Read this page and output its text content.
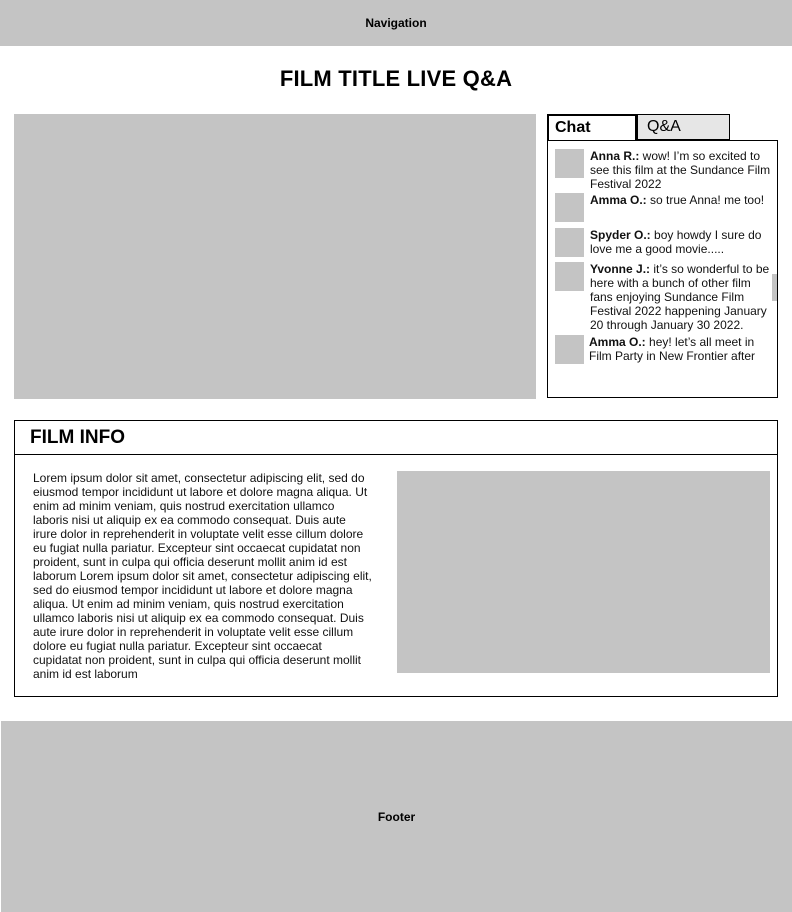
Navigation
FILM TITLE LIVE Q&A
Chat	Q&A
Anna R.: wow! I’m so excited to see this film at the Sundance Film Festival 2022
Amma O.: so true Anna! me too!
Spyder O.: boy howdy I sure do love me a good movie.....
Yvonne J.: it’s so wonderful to be here with a bunch of other film fans enjoying Sundance Film Festival 2022 happening January 20 through January 30 2022.
Amma O.: hey! let’s all meet in Film Party in New Frontier after
FILM INFO

Lorem ipsum dolor sit amet, consectetur adipiscing elit, sed do eiusmod tempor incididunt ut labore et dolore magna aliqua. Ut enim ad minim veniam, quis nostrud exercitation ullamco laboris nisi ut aliquip ex ea commodo consequat. Duis aute irure dolor in reprehenderit in voluptate velit esse cillum dolore eu fugiat nulla pariatur. Excepteur sint occaecat cupidatat non proident, sunt in culpa qui officia deserunt mollit anim id est laborum Lorem ipsum dolor sit amet, consectetur adipiscing elit, sed do eiusmod tempor incididunt ut labore et dolore magna aliqua. Ut enim ad minim veniam, quis nostrud exercitation ullamco laboris nisi ut aliquip ex ea commodo consequat. Duis aute irure dolor in reprehenderit in voluptate velit esse cillum dolore eu fugiat nulla pariatur. Excepteur sint occaecat cupidatat non proident, sunt in culpa qui officia deserunt mollit anim id est laborum

Footer
